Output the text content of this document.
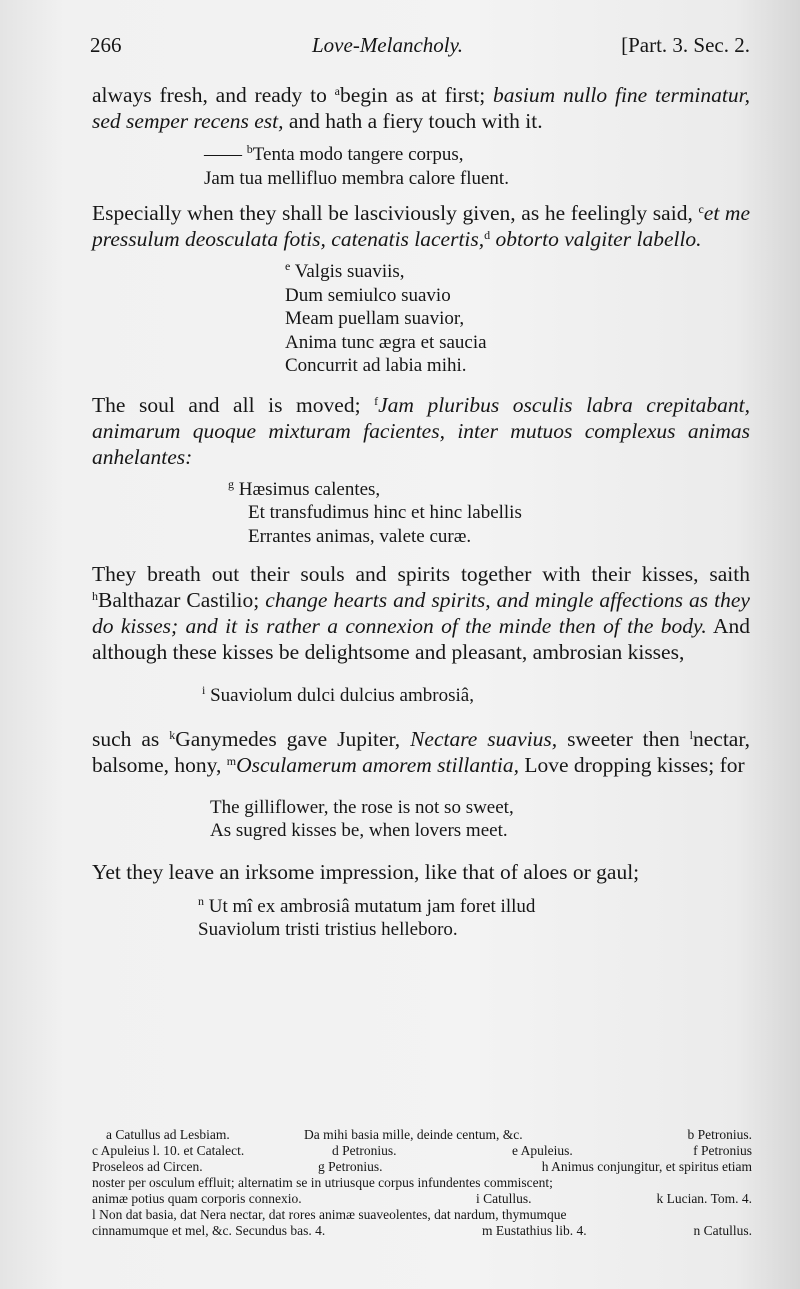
266	Love-Melancholy.	[Part. 3. Sec. 2.

always fresh, and ready to $^a$begin as at first; basium nullo fine terminatur, sed semper recens est, and hath a fiery touch with it.

—— $^b$Tenta modo tangere corpus,
Jam tua mellifluo membra calore fluent.

Especially when they shall be lasciviously given, as he feelingly said, $^c$et me pressulum deosculata fotis, catenatis lacertis,$^d$ obtorto valgiter labello.

$^e$ Valgis suaviis,
Dum semiulco suavio
Meam puellam suavior,
Anima tunc ægra et saucia
Concurrit ad labia mihi.

The soul and all is moved; $^f$Jam pluribus osculis labra crepitabant, animarum quoque mixturam facientes, inter mutuos complexus animas anhelantes:

$^g$ Hæsimus calentes,
Et transfudimus hinc et hinc labellis
Errantes animas, valete curæ.

They breath out their souls and spirits together with their kisses, saith $^h$Balthazar Castilio; change hearts and spirits, and mingle affections as they do kisses; and it is rather a connexion of the minde then of the body. And although these kisses be delightsome and pleasant, ambrosian kisses,

$^i$ Suaviolum dulci dulcius ambrosiâ,

such as $^k$Ganymedes gave Jupiter, Nectare suavius, sweeter then $^l$nectar, balsome, hony, $^m$Osculamerum amorem stillantia, Love dropping kisses; for

The gilliflower, the rose is not so sweet,
As sugred kisses be, when lovers meet.

Yet they leave an irksome impression, like that of aloes or gaul;

$^n$ Ut mî ex ambrosiâ mutatum jam foret illud
Suaviolum tristi tristius helleboro.
a Catullus ad Lesbiam.	Da mihi basia mille, deinde centum, &c.	b Petronius.
c Apuleius l. 10. et Catalect.	d Petronius.	e Apuleius.	f Petronius
Proseleos ad Circen.	g Petronius.	h Animus conjungitur, et spiritus etiam
noster per osculum effluit; alternatim se in utriusque corpus infundentes commiscent;
animæ potius quam corporis connexio.	i Catullus.	k Lucian. Tom. 4.
l Non dat basia, dat Nera nectar, dat rores animæ suaveolentes, dat nardum, thymumque
cinnamumque et mel, &c. Secundus bas. 4.	m Eustathius lib. 4.	n Catullus.
